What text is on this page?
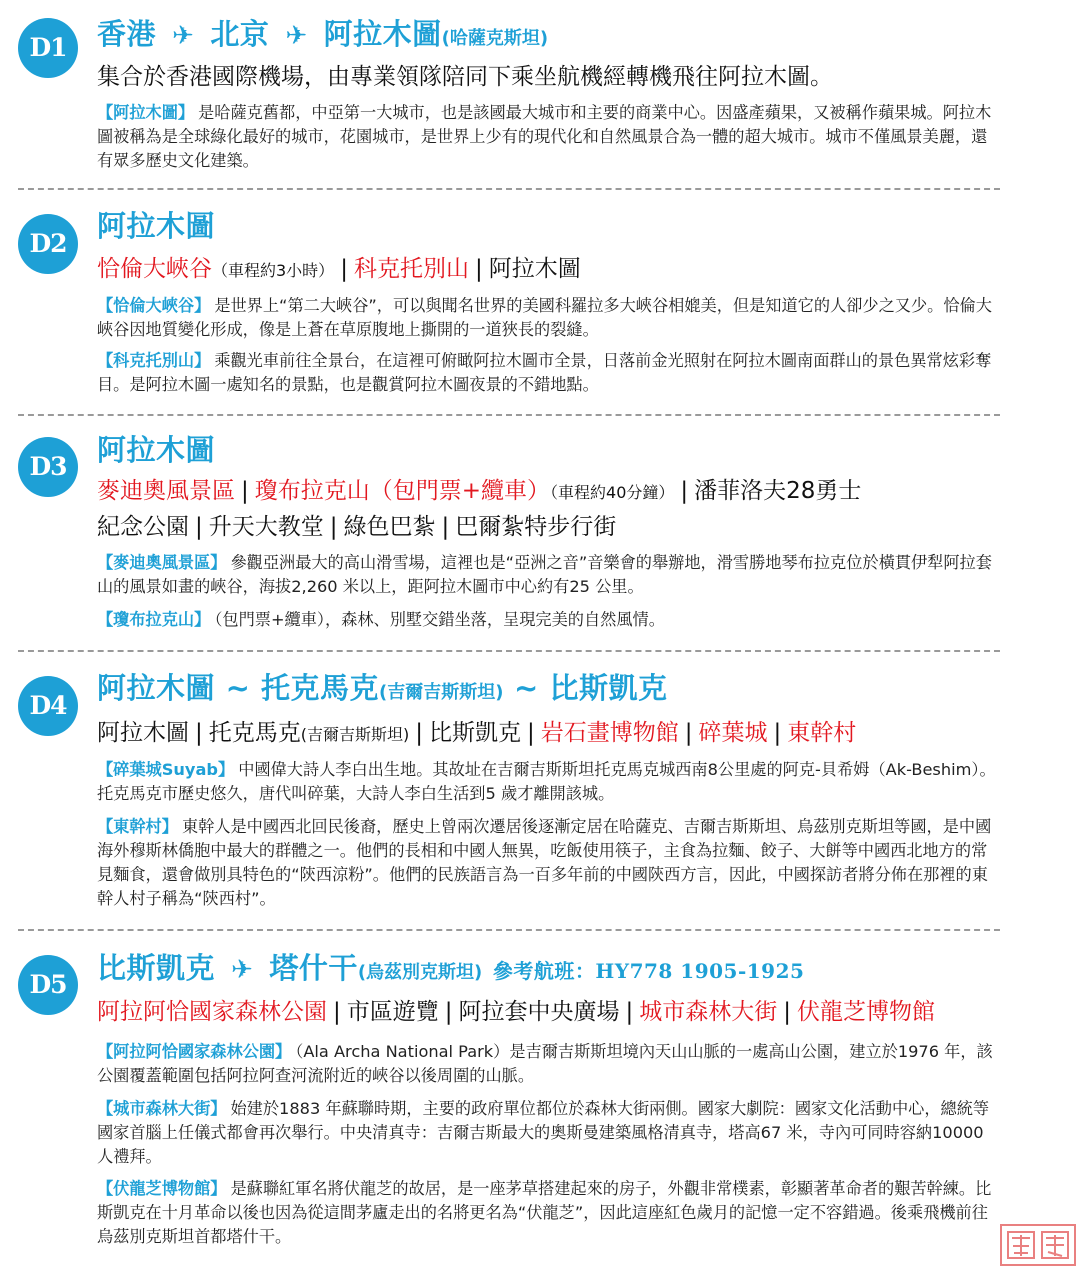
D1	香港 ✈ 北京 ✈ 阿拉木圖(哈薩克斯坦)
集合於香港國際機場，由專業領隊陪同下乘坐航機經轉機飛往阿拉木圖。
【阿拉木圖】 是哈薩克舊都，中亞第一大城市，也是該國最大城市和主要的商業中心。因盛產蘋果，又被稱作蘋果城。阿拉木圖被稱為是全球綠化最好的城市，花園城市，是世界上少有的現代化和自然風景合為一體的超大城市。城市不僅風景美麗，還有眾多歷史文化建築。
D2
阿拉木圖
恰倫大峽谷（車程約3小時） | 科克托別山 | 阿拉木圖
【恰倫大峽谷】 是世界上“第二大峽谷”，可以與聞名世界的美國科羅拉多大峽谷相媲美，但是知道它的人卻少之又少。恰倫大峽谷因地質變化形成，像是上蒼在草原腹地上撕開的一道狹長的裂縫。
【科克托別山】 乘觀光車前往全景台，在這裡可俯瞰阿拉木圖市全景，日落前金光照射在阿拉木圖南面群山的景色異常炫彩奪目。是阿拉木圖一處知名的景點，也是觀賞阿拉木圖夜景的不錯地點。
D3	阿拉木圖
麥迪奧風景區 | 瓊布拉克山（包門票+纜車）（車程約40分鐘） | 潘菲洛夫28勇士
紀念公園 | 升天大教堂 | 綠色巴紮 | 巴爾紮特步行街
【麥迪奧風景區】 參觀亞洲最大的高山滑雪場，這裡也是“亞洲之音”音樂會的舉辦地，滑雪勝地琴布拉克位於橫貫伊犁阿拉套山的風景如畫的峽谷，海拔2,260 米以上，距阿拉木圖市中心約有25 公里。
【瓊布拉克山】 （包門票+纜車），森林、別墅交錯坐落，呈現完美的自然風情。
D4
阿拉木圖 ~ 托克馬克(吉爾吉斯斯坦) ~ 比斯凱克
阿拉木圖 | 托克馬克(吉爾吉斯斯坦) | 比斯凱克 | 岩石畫博物館 | 碎葉城 | 東幹村
【碎葉城Suyab】 中國偉大詩人李白出生地。其故址在吉爾吉斯斯坦托克馬克城西南8公里處的阿克-貝希姆（Ak-Beshim）。托克馬克市歷史悠久，唐代叫碎葉，大詩人李白生活到5 歲才離開該城。
【東幹村】 東幹人是中國西北回民後裔，歷史上曾兩次遷居後逐漸定居在哈薩克、吉爾吉斯斯坦、烏茲別克斯坦等國，是中國海外穆斯林僑胞中最大的群體之一。他們的長相和中國人無異，吃飯使用筷子，主食為拉麵、餃子、大餅等中國西北地方的常見麵食，還會做別具特色的“陝西涼粉”。他們的民族語言為一百多年前的中國陝西方言，因此，中國探訪者將分佈在那裡的東幹人村子稱為“陝西村”。
D5	比斯凱克 ✈ 塔什干(烏茲別克斯坦) 參考航班：HY778 1905-1925
阿拉阿恰國家森林公園 | 市區遊覽 | 阿拉套中央廣場 | 城市森林大街 | 伏龍芝博物館
【阿拉阿恰國家森林公園】 （Ala Archa National Park）是吉爾吉斯斯坦境內天山山脈的一處高山公園，建立於1976 年，該公園覆蓋範圍包括阿拉阿查河流附近的峽谷以後周圍的山脈。
【城市森林大街】 始建於1883 年蘇聯時期，主要的政府單位都位於森林大街兩側。國家大劇院：國家文化活動中心，總統等國家首腦上任儀式都會再次舉行。中央清真寺：吉爾吉斯最大的奧斯曼建築風格清真寺，塔高67 米，寺內可同時容納10000 人禮拜。
【伏龍芝博物館】 是蘇聯紅軍名將伏龍芝的故居，是一座茅草搭建起來的房子，外觀非常樸素，彰顯著革命者的艱苦幹練。比斯凱克在十月革命以後也因為從這間茅廬走出的名將更名為“伏龍芝”，因此這座紅色歲月的記憶一定不容錯過。後乘飛機前往烏茲別克斯坦首都塔什干。
